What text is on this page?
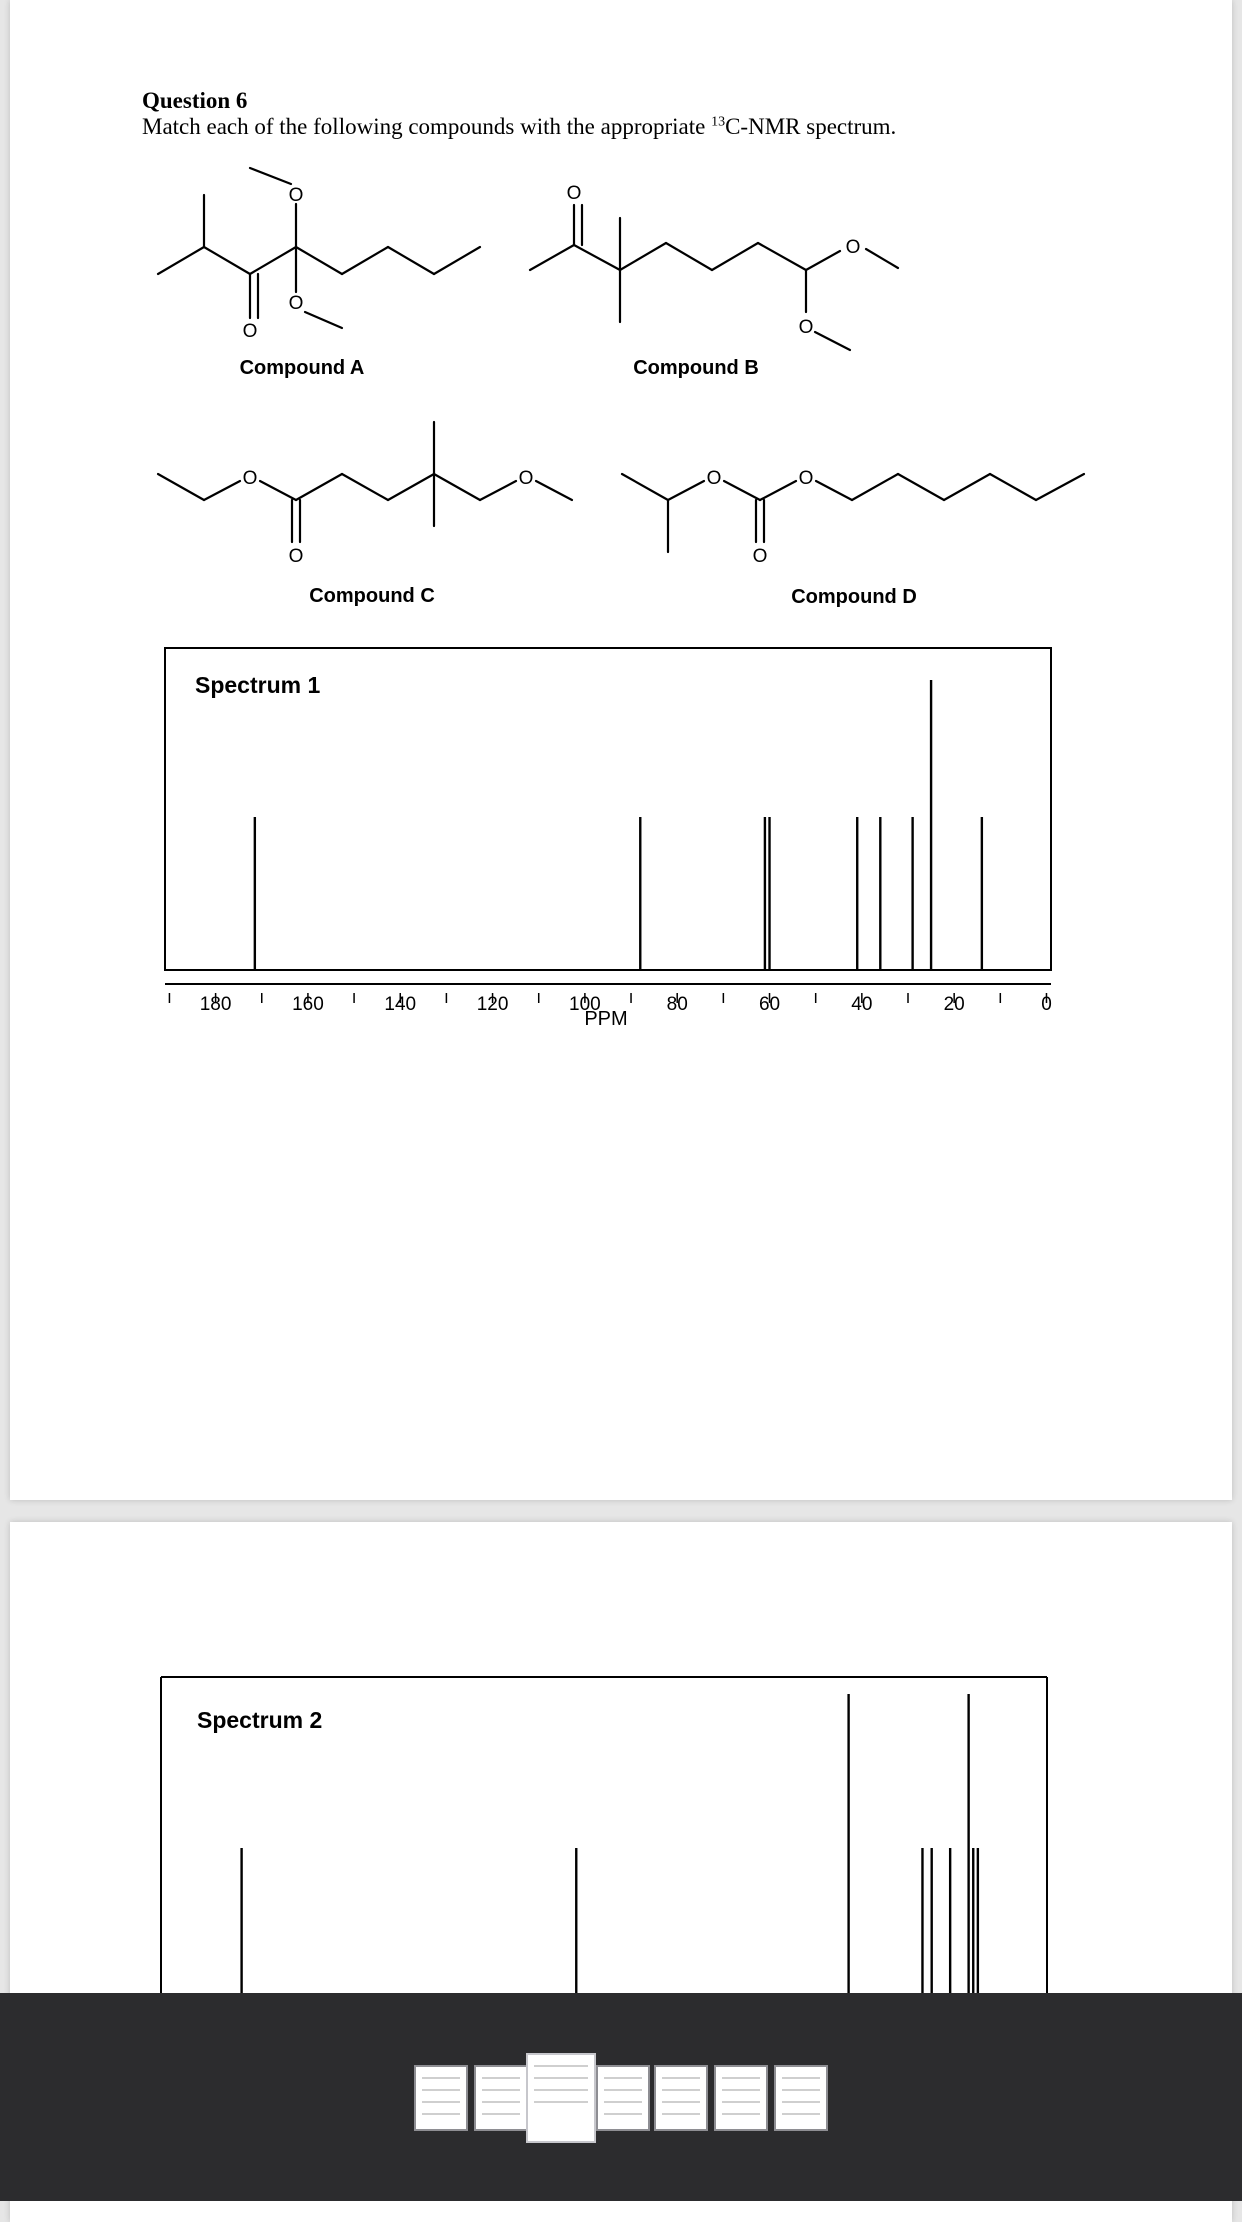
Question 6
Match each of the following compounds with the appropriate $^{13}$C-NMR spectrum.
O
O
O
O
O
O
O
O
O	O
O
O
Compound A	Compound B
Compound C	Compound D
Spectrum 1
180	160	140	120	100	80	60	40	20	0
PPM
Spectrum 2
